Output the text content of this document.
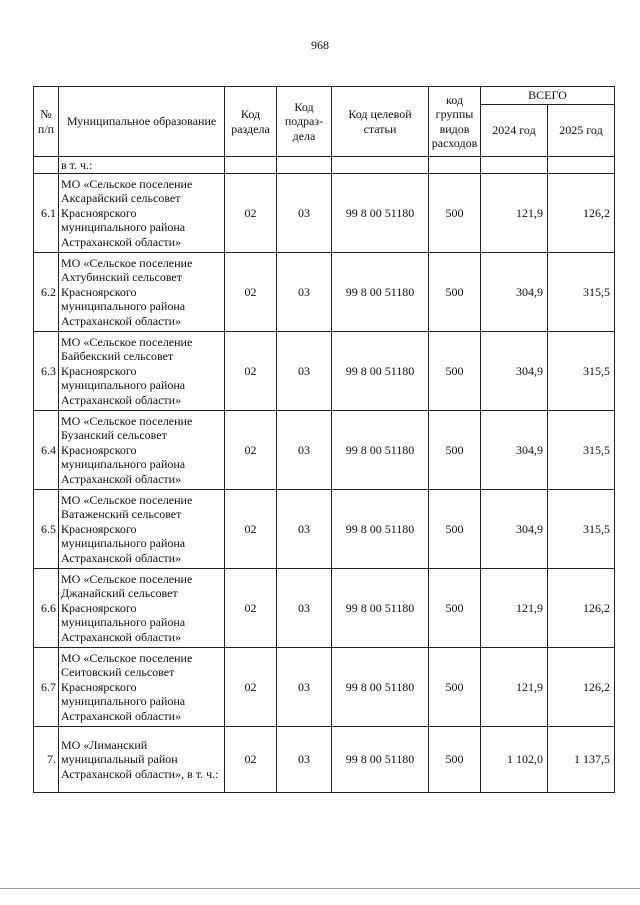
968
№ п/п	Муниципальное образование	Код раздела	Код подраз-дела	Код целевой статьи	код группы видов расходов	ВСЕГО	
						2024 год	2025 год
	в т. ч.:						
6.1	МО «Сельское поселение Аксарайский сельсовет Красноярского муниципального района Астраханской области»	02	03	99 8 00 51180	500	121,9	126,2
6.2	МО «Сельское поселение Ахтубинский сельсовет Красноярского муниципального района Астраханской области»	02	03	99 8 00 51180	500	304,9	315,5
6.3	МО «Сельское поселение Байбекский сельсовет Красноярского муниципального района Астраханской области»	02	03	99 8 00 51180	500	304,9	315,5
6.4	МО «Сельское поселение Бузанский сельсовет Красноярского муниципального района Астраханской области»	02	03	99 8 00 51180	500	304,9	315,5
6.5	МО «Сельское поселение Ватаженский сельсовет Красноярского муниципального района Астраханской области»	02	03	99 8 00 51180	500	304,9	315,5
6.6	МО «Сельское поселение Джанайский сельсовет Красноярского муниципального района Астраханской области»	02	03	99 8 00 51180	500	121,9	126,2
6.7	МО «Сельское поселение Сеитовский сельсовет Красноярского муниципального района Астраханской области»	02	03	99 8 00 51180	500	121,9	126,2
7.	МО «Лиманский муниципальный район Астраханской области», в т. ч.:	02	03	99 8 00 51180	500	1 102,0	1 137,5
